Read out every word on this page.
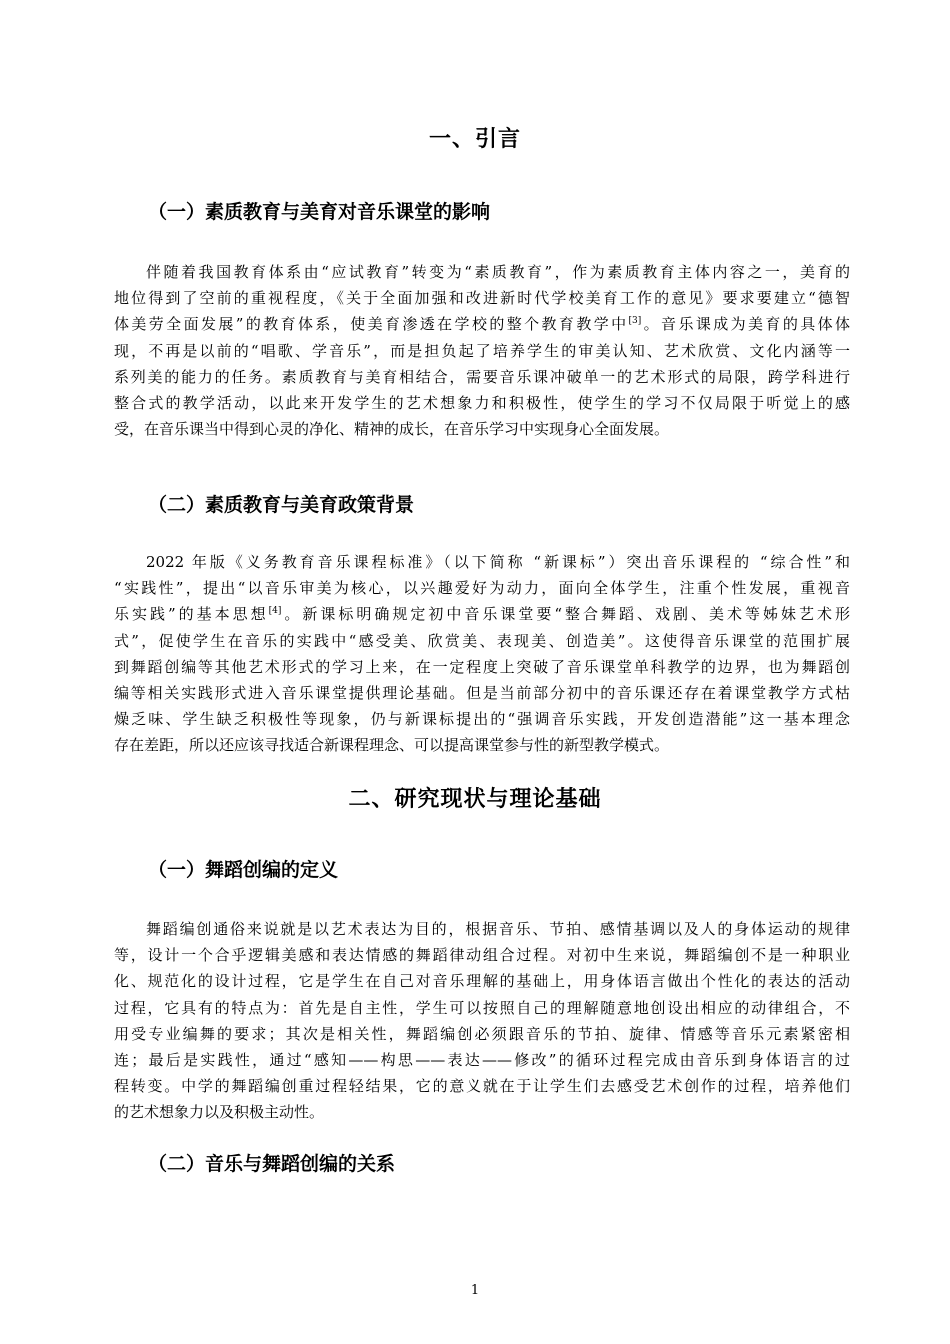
一、引言
（一）素质教育与美育对音乐课堂的影响
伴随着我国教育体系由“应试教育”转变为“素质教育”，作为素质教育主体内容之一，美育的
地位得到了空前的重视程度，《关于全面加强和改进新时代学校美育工作的意见》要求要建立“德智
体美劳全面发展”的教育体系，使美育渗透在学校的整个教育教学中[3]。音乐课成为美育的具体体
现，不再是以前的“唱歌、学音乐”，而是担负起了培养学生的审美认知、艺术欣赏、文化内涵等一
系列美的能力的任务。素质教育与美育相结合，需要音乐课冲破单一的艺术形式的局限，跨学科进行
整合式的教学活动，以此来开发学生的艺术想象力和积极性，使学生的学习不仅局限于听觉上的感
受，在音乐课当中得到心灵的净化、精神的成长，在音乐学习中实现身心全面发展。
（二）素质教育与美育政策背景
2022 年版《义务教育音乐课程标准》（以下简称 “新课标”）突出音乐课程的 “综合性”和
“实践性”，提出“以音乐审美为核心，以兴趣爱好为动力，面向全体学生，注重个性发展，重视音
乐实践”的基本思想[4]。新课标明确规定初中音乐课堂要“整合舞蹈、戏剧、美术等姊妹艺术形
式”，促使学生在音乐的实践中“感受美、欣赏美、表现美、创造美”。这使得音乐课堂的范围扩展
到舞蹈创编等其他艺术形式的学习上来，在一定程度上突破了音乐课堂单科教学的边界，也为舞蹈创
编等相关实践形式进入音乐课堂提供理论基础。但是当前部分初中的音乐课还存在着课堂教学方式枯
燥乏味、学生缺乏积极性等现象，仍与新课标提出的“强调音乐实践，开发创造潜能”这一基本理念
存在差距，所以还应该寻找适合新课程理念、可以提高课堂参与性的新型教学模式。
二、研究现状与理论基础
（一）舞蹈创编的定义
舞蹈编创通俗来说就是以艺术表达为目的，根据音乐、节拍、感情基调以及人的身体运动的规律
等，设计一个合乎逻辑美感和表达情感的舞蹈律动组合过程。对初中生来说，舞蹈编创不是一种职业
化、规范化的设计过程，它是学生在自己对音乐理解的基础上，用身体语言做出个性化的表达的活动
过程，它具有的特点为：首先是自主性，学生可以按照自己的理解随意地创设出相应的动律组合，不
用受专业编舞的要求；其次是相关性，舞蹈编创必须跟音乐的节拍、旋律、情感等音乐元素紧密相
连；最后是实践性，通过“感知——构思——表达——修改”的循环过程完成由音乐到身体语言的过
程转变。中学的舞蹈编创重过程轻结果，它的意义就在于让学生们去感受艺术创作的过程，培养他们
的艺术想象力以及积极主动性。
（二）音乐与舞蹈创编的关系
1
